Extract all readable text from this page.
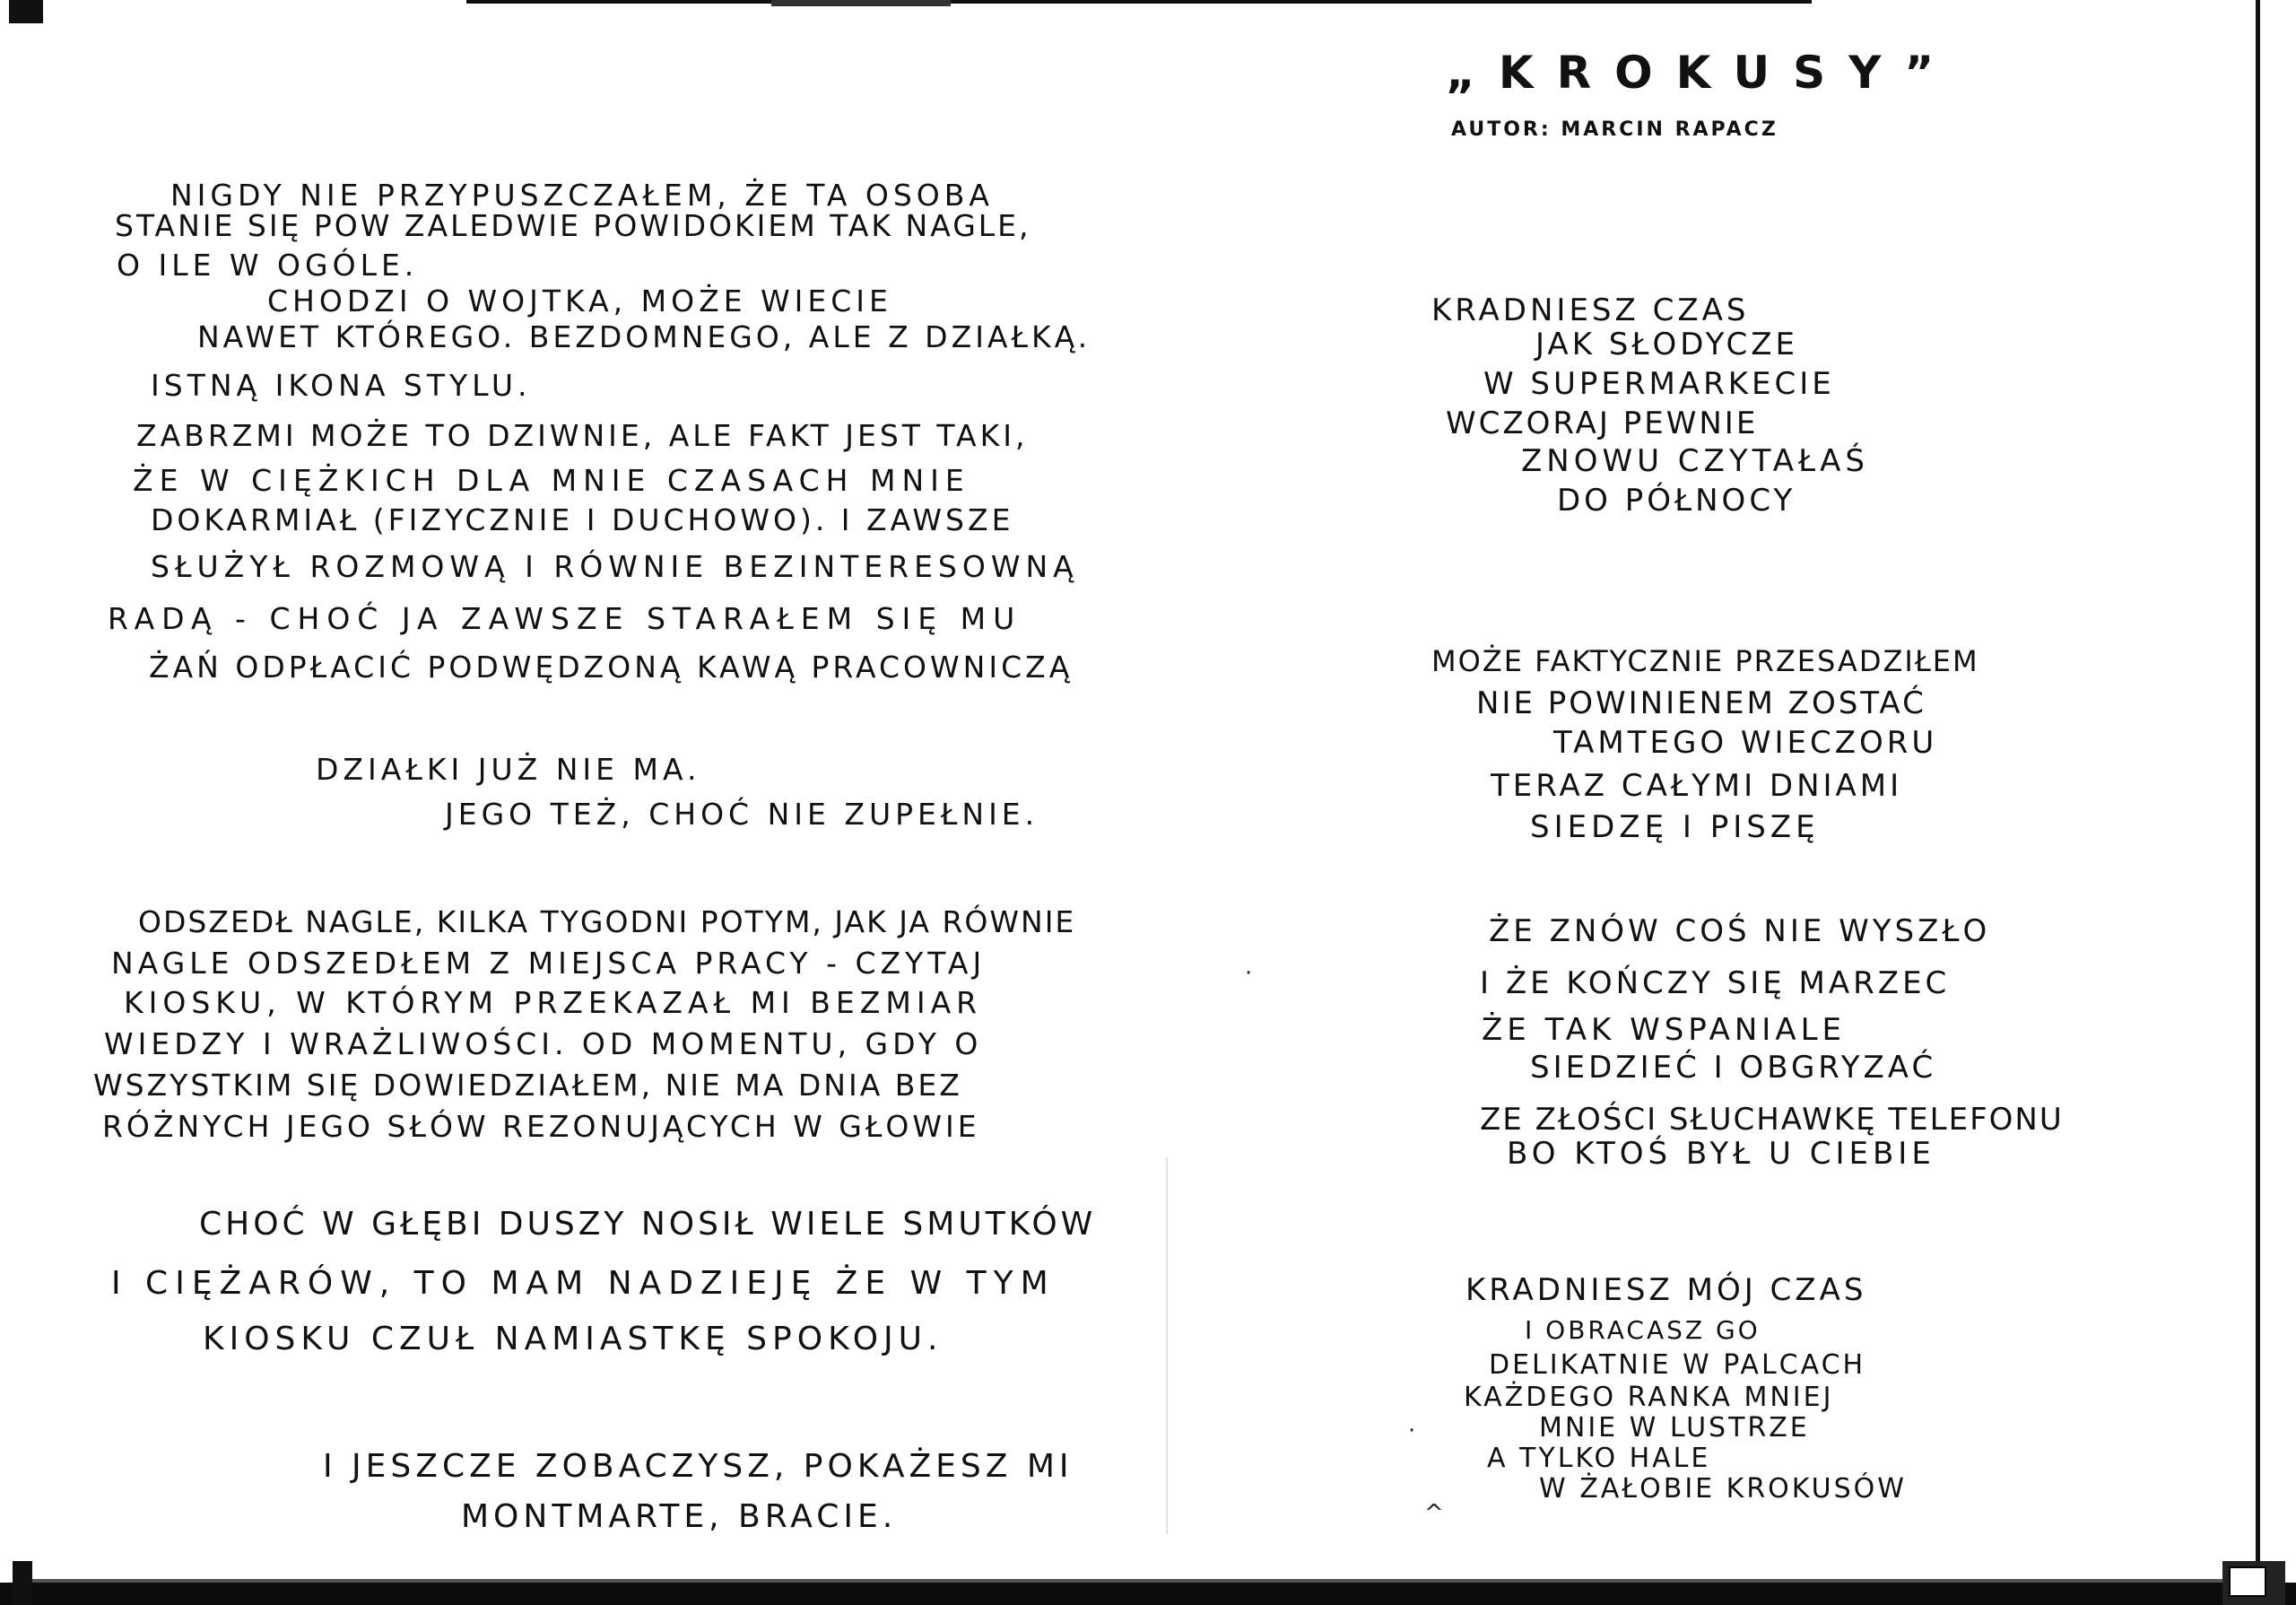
NIGDY NIE PRZYPUSZCZAŁEM, ŻE TA OSOBA

STANIE SIĘ POW ZALEDWIE POWIDOKIEM TAK NAGLE,

O ILE W OGÓLE.

CHODZI O WOJTKA, MOŻE WIECIE

NAWET KTÓREGO. BEZDOMNEGO, ALE Z DZIAŁKĄ.

ISTNĄ IKONA STYLU.

ZABRZMI MOŻE TO DZIWNIE, ALE FAKT JEST TAKI,

ŻE W CIĘŻKICH DLA MNIE CZASACH MNIE

DOKARMIAŁ (FIZYCZNIE I DUCHOWO). I ZAWSZE

SŁUŻYŁ ROZMOWĄ I RÓWNIE BEZINTERESOWNĄ

RADĄ - CHOĆ JA ZAWSZE STARAŁEM SIĘ MU

ŻAŃ ODPŁACIĆ PODWĘDZONĄ KAWĄ PRACOWNICZĄ

DZIAŁKI JUŻ NIE MA.

JEGO TEŻ, CHOĆ NIE ZUPEŁNIE.

ODSZEDŁ NAGLE, KILKA TYGODNI POTYM, JAK JA RÓWNIE

NAGLE ODSZEDŁEM Z MIEJSCA PRACY - CZYTAJ

KIOSKU, W KTÓRYM PRZEKAZAŁ MI BEZMIAR

WIEDZY I WRAŻLIWOŚCI. OD MOMENTU, GDY O

WSZYSTKIM SIĘ DOWIEDZIAŁEM, NIE MA DNIA BEZ

RÓŻNYCH JEGO SŁÓW REZONUJĄCYCH W GŁOWIE

CHOĆ W GŁĘBI DUSZY NOSIŁ WIELE SMUTKÓW

I CIĘŻARÓW, TO MAM NADZIEJĘ ŻE W TYM

KIOSKU CZUŁ NAMIASTKĘ SPOKOJU.

I JESZCZE ZOBACZYSZ, POKAŻESZ MI

MONTMARTE, BRACIE.

„KROKUSY”

AUTOR: MARCIN RAPACZ

KRADNIESZ CZAS

JAK SŁODYCZE

W SUPERMARKECIE

WCZORAJ PEWNIE

ZNOWU CZYTAŁAŚ

DO PÓŁNOCY

MOŻE FAKTYCZNIE PRZESADZIŁEM

NIE POWINIENEM ZOSTAĆ

TAMTEGO WIECZORU

TERAZ CAŁYMI DNIAMI

SIEDZĘ I PISZĘ

ŻE ZNÓW COŚ NIE WYSZŁO

I ŻE KOŃCZY SIĘ MARZEC

ŻE TAK WSPANIALE

SIEDZIEĆ I OBGRYZAĆ

ZE ZŁOŚCI SŁUCHAWKĘ TELEFONU

BO KTOŚ BYŁ U CIEBIE

KRADNIESZ MÓJ CZAS

I OBRACASZ GO

DELIKATNIE W PALCACH

KAŻDEGO RANKA MNIEJ

MNIE W LUSTRZE

A TYLKO HALE

W ŻAŁOBIE KROKUSÓW

^
·
·
